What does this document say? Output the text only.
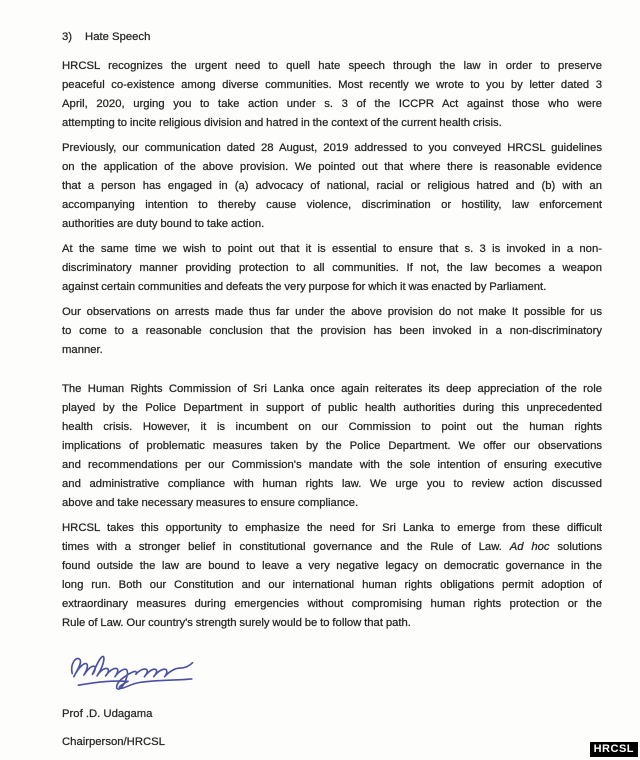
3) Hate Speech
HRCSL recognizes the urgent need to quell hate speech through the law in order to preserve
peaceful co-existence among diverse communities. Most recently we wrote to you by letter dated 3
April, 2020, urging you to take action under s. 3 of the ICCPR Act against those who were
attempting to incite religious division and hatred in the context of the current health crisis.
Previously, our communication dated 28 August, 2019 addressed to you conveyed HRCSL guidelines
on the application of the above provision. We pointed out that where there is reasonable evidence
that a person has engaged in (a) advocacy of national, racial or religious hatred and (b) with an
accompanying intention to thereby cause violence, discrimination or hostility, law enforcement
authorities are duty bound to take action.
At the same time we wish to point out that it is essential to ensure that s. 3 is invoked in a non-
discriminatory manner providing protection to all communities. If not, the law becomes a weapon
against certain communities and defeats the very purpose for which it was enacted by Parliament.
Our observations on arrests made thus far under the above provision do not make It possible for us
to come to a reasonable conclusion that the provision has been invoked in a non-discriminatory
manner.
The Human Rights Commission of Sri Lanka once again reiterates its deep appreciation of the role
played by the Police Department in support of public health authorities during this unprecedented
health crisis. However, it is incumbent on our Commission to point out the human rights
implications of problematic measures taken by the Police Department. We offer our observations
and recommendations per our Commission's mandate with the sole intention of ensuring executive
and administrative compliance with human rights law. We urge you to review action discussed
above and take necessary measures to ensure compliance.
HRCSL takes this opportunity to emphasize the need for Sri Lanka to emerge from these difficult
times with a stronger belief in constitutional governance and the Rule of Law. Ad hoc solutions
found outside the law are bound to leave a very negative legacy on democratic governance in the
long run. Both our Constitution and our international human rights obligations permit adoption of
extraordinary measures during emergencies without compromising human rights protection or the
Rule of Law. Our country's strength surely would be to follow that path.
Prof .D. Udagama
Chairperson/HRCSL
HRCSL
